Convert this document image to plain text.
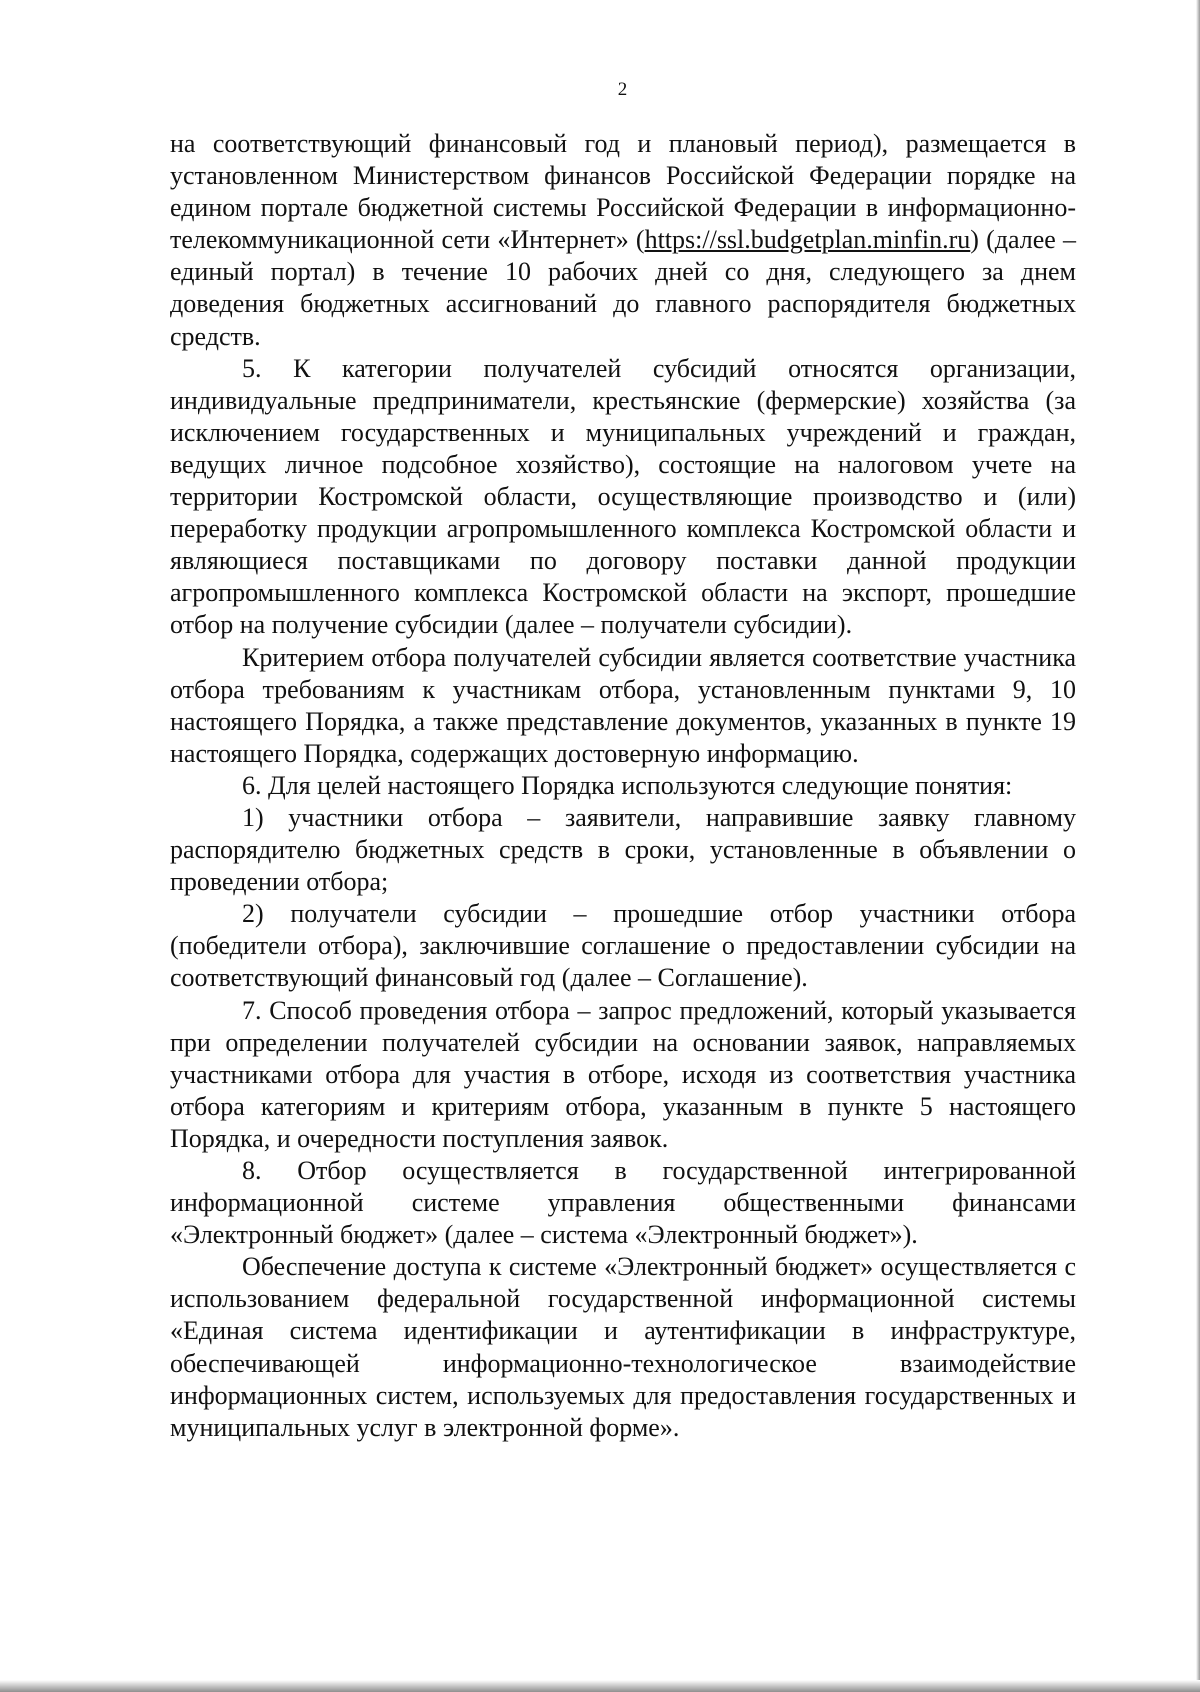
2

на соответствующий финансовый год и плановый период), размещается в установленном Министерством финансов Российской Федерации порядке на едином портале бюджетной системы Российской Федерации в информационно-телекоммуникационной сети «Интернет» (https://ssl.budgetplan.minfin.ru) (далее – единый портал) в течение 10 рабочих дней со дня, следующего за днем доведения бюджетных ассигнований до главного распорядителя бюджетных средств.

5. К категории получателей субсидий относятся организации, индивидуальные предприниматели, крестьянские (фермерские) хозяйства (за исключением государственных и муниципальных учреждений и граждан, ведущих личное подсобное хозяйство), состоящие на налоговом учете на территории Костромской области, осуществляющие производство и (или) переработку продукции агропромышленного комплекса Костромской области и являющиеся поставщиками по договору поставки данной продукции агропромышленного комплекса Костромской области на экспорт, прошедшие отбор на получение субсидии (далее – получатели субсидии).

Критерием отбора получателей субсидии является соответствие участника отбора требованиям к участникам отбора, установленным пунктами 9, 10 настоящего Порядка, а также представление документов, указанных в пункте 19 настоящего Порядка, содержащих достоверную информацию.

6. Для целей настоящего Порядка используются следующие понятия:

1) участники отбора – заявители, направившие заявку главному распорядителю бюджетных средств в сроки, установленные в объявлении о проведении отбора;

2) получатели субсидии – прошедшие отбор участники отбора (победители отбора), заключившие соглашение о предоставлении субсидии на соответствующий финансовый год (далее – Соглашение).

7. Способ проведения отбора – запрос предложений, который указывается при определении получателей субсидии на основании заявок, направляемых участниками отбора для участия в отборе, исходя из соответствия участника отбора категориям и критериям отбора, указанным в пункте 5 настоящего Порядка, и очередности поступления заявок.

8. Отбор осуществляется в государственной интегрированной информационной системе управления общественными финансами «Электронный бюджет» (далее – система «Электронный бюджет»).

Обеспечение доступа к системе «Электронный бюджет» осуществляется с использованием федеральной государственной информационной системы «Единая система идентификации и аутентификации в инфраструктуре, обеспечивающей информационно-технологическое взаимодействие информационных систем, используемых для предоставления государственных и муниципальных услуг в электронной форме».
